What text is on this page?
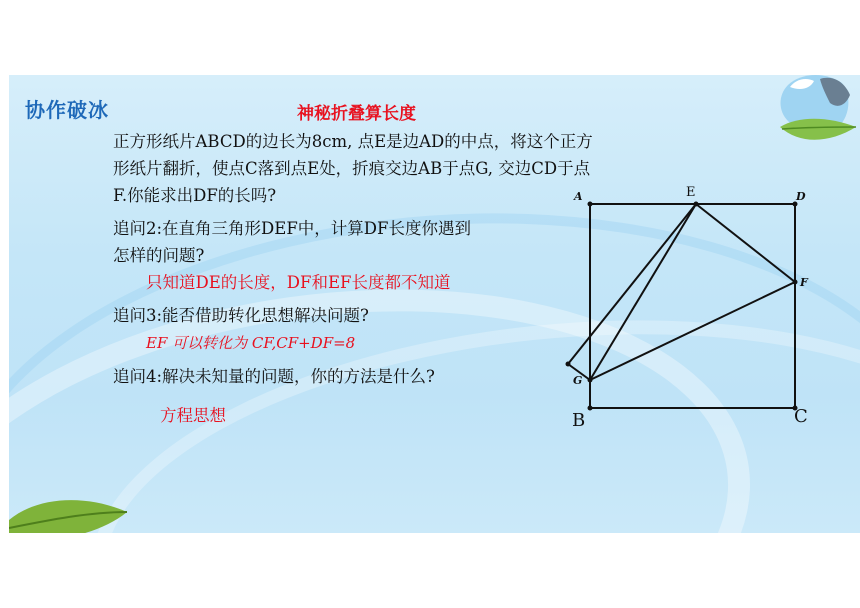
协作破冰	神秘折叠算长度

正方形纸片ABCD的边长为8cm, 点E是边AD的中点，将这个正方

形纸片翻折，使点C落到点E处，折痕交边AB于点G, 交边CD于点

F.你能求出DF的长吗?

追问2:在直角三角形DEF中，计算DF长度你遇到

怎样的问题?

只知道DE的长度，DF和EF长度都不知道

追问3:能否借助转化思想解决问题?

EF 可以转化为 CF,CF+DF=8

追问4:解决未知量的问题，你的方法是什么?

方程思想

A	D
E
F
G
B	C
